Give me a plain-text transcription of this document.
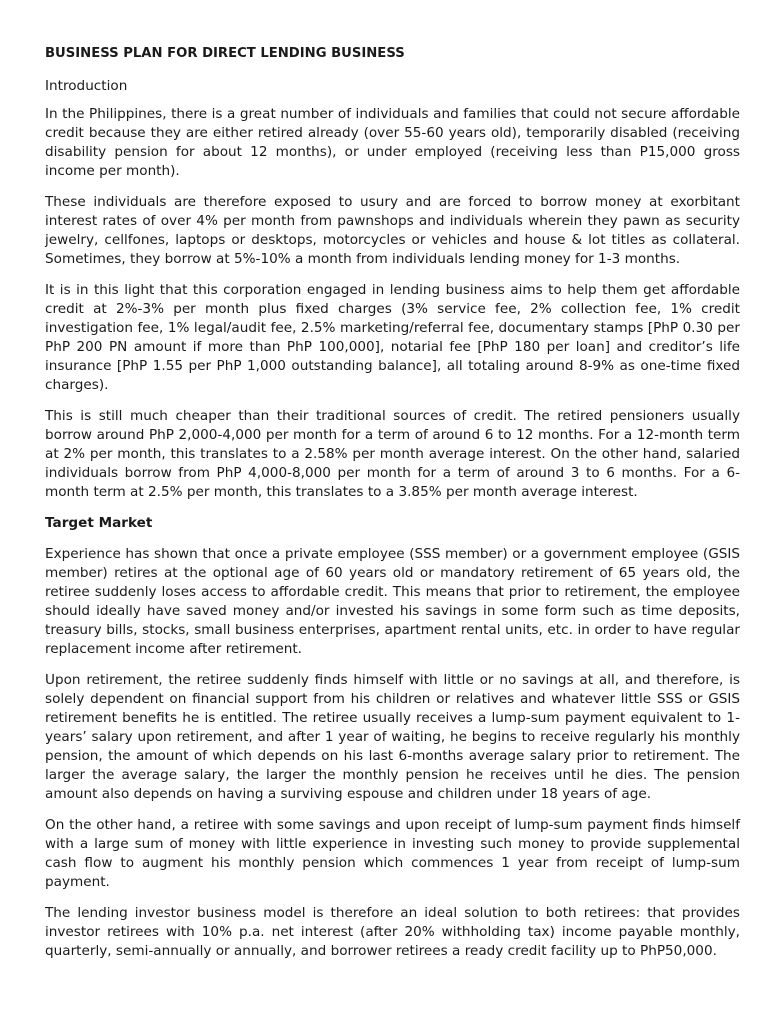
BUSINESS PLAN FOR DIRECT LENDING BUSINESS
Introduction

In the Philippines, there is a great number of individuals and families that could not secure affordable credit because they are either retired already (over 55-60 years old), temporarily disabled (receiving disability pension for about 12 months), or under employed (receiving less than P15,000 gross income per month).

These individuals are therefore exposed to usury and are forced to borrow money at exorbitant interest rates of over 4% per month from pawnshops and individuals wherein they pawn as security jewelry, cellfones, laptops or desktops, motorcycles or vehicles and house & lot titles as collateral. Sometimes, they borrow at 5%-10% a month from individuals lending money for 1-3 months.

It is in this light that this corporation engaged in lending business aims to help them get affordable credit at 2%-3% per month plus fixed charges (3% service fee, 2% collection fee, 1% credit investigation fee, 1% legal/audit fee, 2.5% marketing/referral fee, documentary stamps [PhP 0.30 per PhP 200 PN amount if more than PhP 100,000], notarial fee [PhP 180 per loan] and creditor’s life insurance [PhP 1.55 per PhP 1,000 outstanding balance], all totaling around 8-9% as one-time fixed charges).

This is still much cheaper than their traditional sources of credit. The retired pensioners usually borrow around PhP 2,000-4,000 per month for a term of around 6 to 12 months. For a 12-month term at 2% per month, this translates to a 2.58% per month average interest. On the other hand, salaried individuals borrow from PhP 4,000-8,000 per month for a term of around 3 to 6 months. For a 6-month term at 2.5% per month, this translates to a 3.85% per month average interest.

Target Market

Experience has shown that once a private employee (SSS member) or a government employee (GSIS member) retires at the optional age of 60 years old or mandatory retirement of 65 years old, the retiree suddenly loses access to affordable credit. This means that prior to retirement, the employee should ideally have saved money and/or invested his savings in some form such as time deposits, treasury bills, stocks, small business enterprises, apartment rental units, etc. in order to have regular replacement income after retirement.

Upon retirement, the retiree suddenly finds himself with little or no savings at all, and therefore, is solely dependent on financial support from his children or relatives and whatever little SSS or GSIS retirement benefits he is entitled. The retiree usually receives a lump-sum payment equivalent to 1-years’ salary upon retirement, and after 1 year of waiting, he begins to receive regularly his monthly pension, the amount of which depends on his last 6-months average salary prior to retirement. The larger the average salary, the larger the monthly pension he receives until he dies. The pension amount also depends on having a surviving espouse and children under 18 years of age.

On the other hand, a retiree with some savings and upon receipt of lump-sum payment finds himself with a large sum of money with little experience in investing such money to provide supplemental cash flow to augment his monthly pension which commences 1 year from receipt of lump-sum payment.

The lending investor business model is therefore an ideal solution to both retirees: that provides investor retirees with 10% p.a. net interest (after 20% withholding tax) income payable monthly, quarterly, semi-annually or annually, and borrower retirees a ready credit facility up to PhP50,000.
